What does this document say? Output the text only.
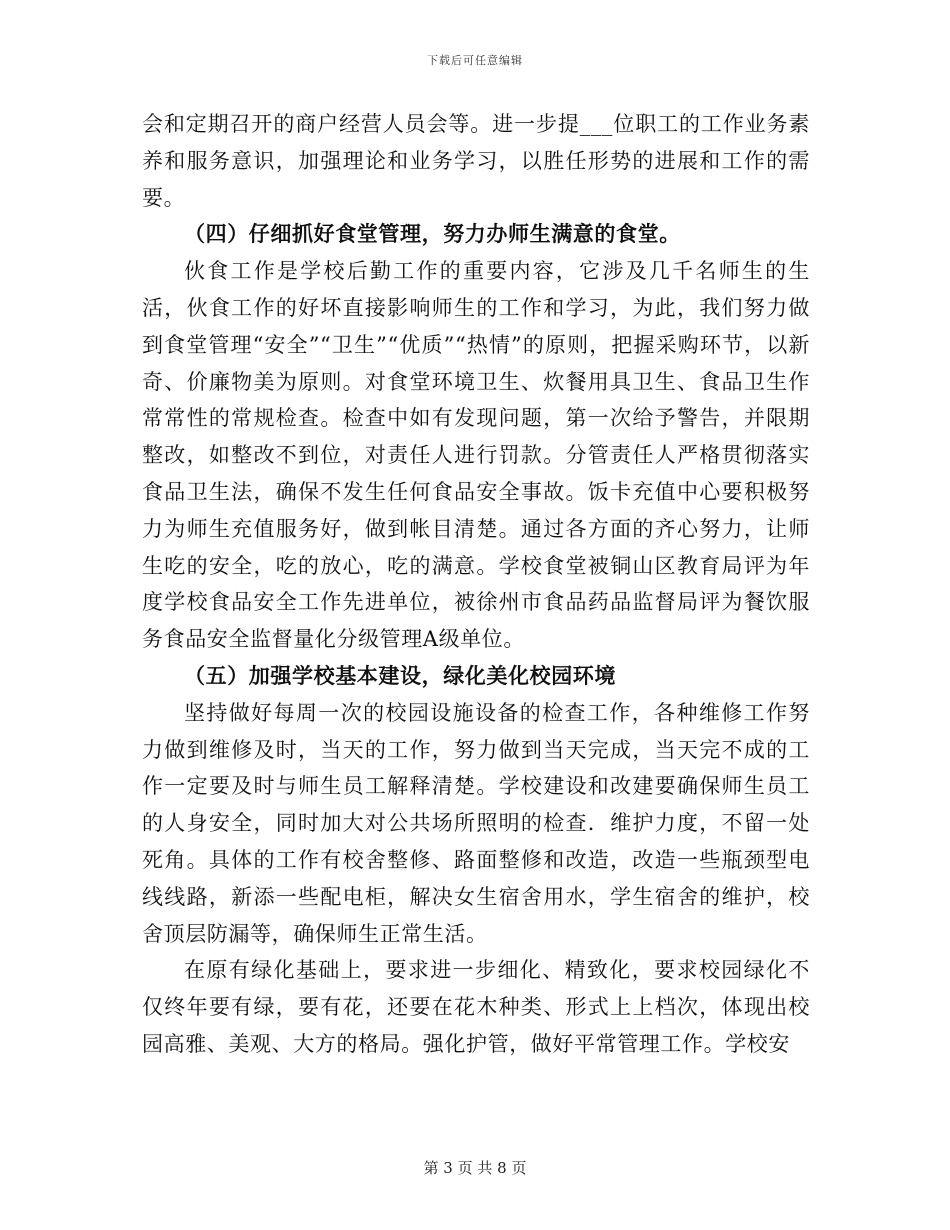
下载后可任意编辑

会和定期召开的商户经营人员会等。进一步提___位职工的工作业务素养和服务意识，加强理论和业务学习，以胜任形势的进展和工作的需要。

（四）仔细抓好食堂管理，努力办师生满意的食堂。

伙食工作是学校后勤工作的重要内容，它涉及几千名师生的生活，伙食工作的好坏直接影响师生的工作和学习，为此，我们努力做到食堂管理“安全”“卫生”“优质”“热情”的原则，把握采购环节，以新奇、价廉物美为原则。对食堂环境卫生、炊餐用具卫生、食品卫生作常常性的常规检查。检查中如有发现问题，第一次给予警告，并限期整改，如整改不到位，对责任人进行罚款。分管责任人严格贯彻落实食品卫生法，确保不发生任何食品安全事故。饭卡充值中心要积极努力为师生充值服务好，做到帐目清楚。通过各方面的齐心努力，让师生吃的安全，吃的放心，吃的满意。学校食堂被铜山区教育局评为年度学校食品安全工作先进单位，被徐州市食品药品监督局评为餐饮服务食品安全监督量化分级管理A级单位。

（五）加强学校基本建设，绿化美化校园环境

坚持做好每周一次的校园设施设备的检查工作，各种维修工作努力做到维修及时，当天的工作，努力做到当天完成，当天完不成的工作一定要及时与师生员工解释清楚。学校建设和改建要确保师生员工的人身安全，同时加大对公共场所照明的检查．维护力度，不留一处死角。具体的工作有校舍整修、路面整修和改造，改造一些瓶颈型电线线路，新添一些配电柜，解决女生宿舍用水，学生宿舍的维护，校舍顶层防漏等，确保师生正常生活。

在原有绿化基础上，要求进一步细化、精致化，要求校园绿化不仅终年要有绿，要有花，还要在花木种类、形式上上档次，体现出校园高雅、美观、大方的格局。强化护管，做好平常管理工作。学校安

第 3 页 共 8 页
